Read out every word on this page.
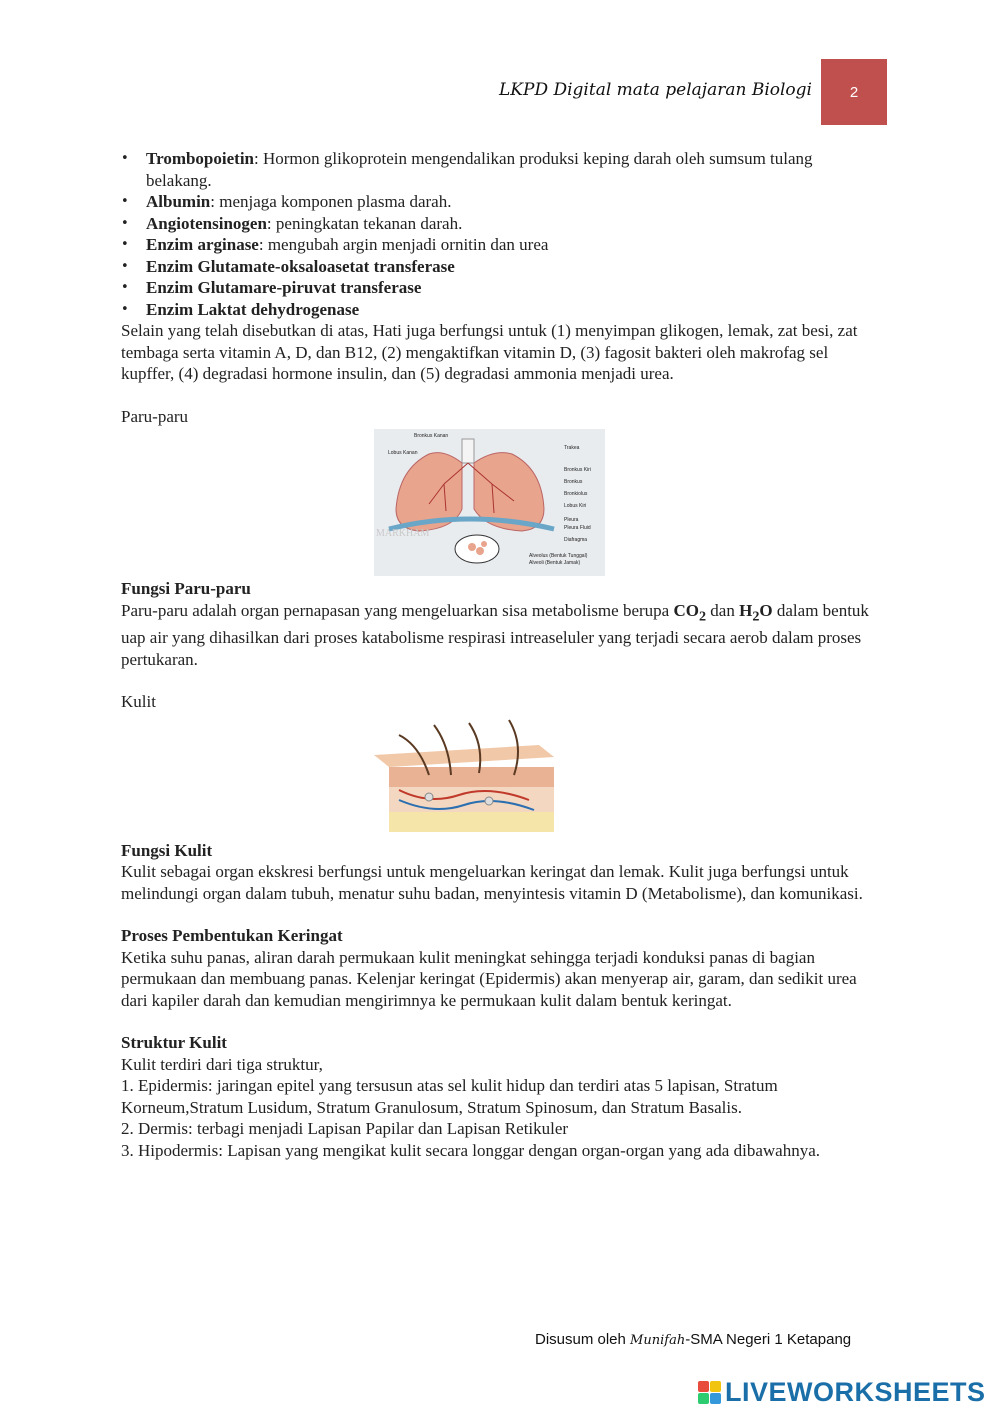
LKPD Digital mata pelajaran Biologi	2
• Trombopoietin: Hormon glikoprotein mengendalikan produksi keping darah oleh sumsum tulang belakang.
• Albumin: menjaga komponen plasma darah.
• Angiotensinogen: peningkatan tekanan darah.
• Enzim arginase: mengubah argin menjadi ornitin dan urea
• Enzim Glutamate-oksaloasetat transferase
• Enzim Glutamare-piruvat transferase
• Enzim Laktat dehydrogenase

Selain yang telah disebutkan di atas, Hati juga berfungsi untuk (1) menyimpan glikogen, lemak, zat besi, zat tembaga serta vitamin A, D, dan B12, (2) mengaktifkan vitamin D, (3) fagosit bakteri oleh makrofag sel kupffer, (4) degradasi hormone insulin, dan (5) degradasi ammonia menjadi urea.

Paru-paru

Bronkus Kanan
Lobus Kanan
Trakea
Bronkus Kiri
Bronkus
Bronkiolus
Lobus Kiri
Pleura
Pleura Fluid
Diafragma
Alveolus (Bentuk Tunggal)
Alveoli (Bentuk Jamak)
MARKHAM

Fungsi Paru-paru

Paru-paru adalah organ pernapasan yang mengeluarkan sisa metabolisme berupa $CO_2$ dan $H_2O$ dalam bentuk uap air yang dihasilkan dari proses katabolisme respirasi intreaseluler yang terjadi secara aerob dalam proses pertukaran.

Kulit

Fungsi Kulit

Kulit sebagai organ ekskresi berfungsi untuk mengeluarkan keringat dan lemak. Kulit juga berfungsi untuk melindungi organ dalam tubuh, menatur suhu badan, menyintesis vitamin D (Metabolisme), dan komunikasi.

Proses Pembentukan Keringat

Ketika suhu panas, aliran darah permukaan kulit meningkat sehingga terjadi konduksi panas di bagian permukaan dan membuang panas. Kelenjar keringat (Epidermis) akan menyerap air, garam, dan sedikit urea dari kapiler darah dan kemudian mengirimnya ke permukaan kulit dalam bentuk keringat.

Struktur Kulit

Kulit terdiri dari tiga struktur,

1. Epidermis: jaringan epitel yang tersusun atas sel kulit hidup dan terdiri atas 5 lapisan, Stratum Korneum,Stratum Lusidum, Stratum Granulosum, Stratum Spinosum, dan Stratum Basalis.

2. Dermis: terbagi menjadi Lapisan Papilar dan Lapisan Retikuler

3. Hipodermis: Lapisan yang mengikat kulit secara longgar dengan organ-organ yang ada dibawahnya.

Disusum oleh Munifah-SMA Negeri 1 Ketapang
LIVEWORKSHEETS
